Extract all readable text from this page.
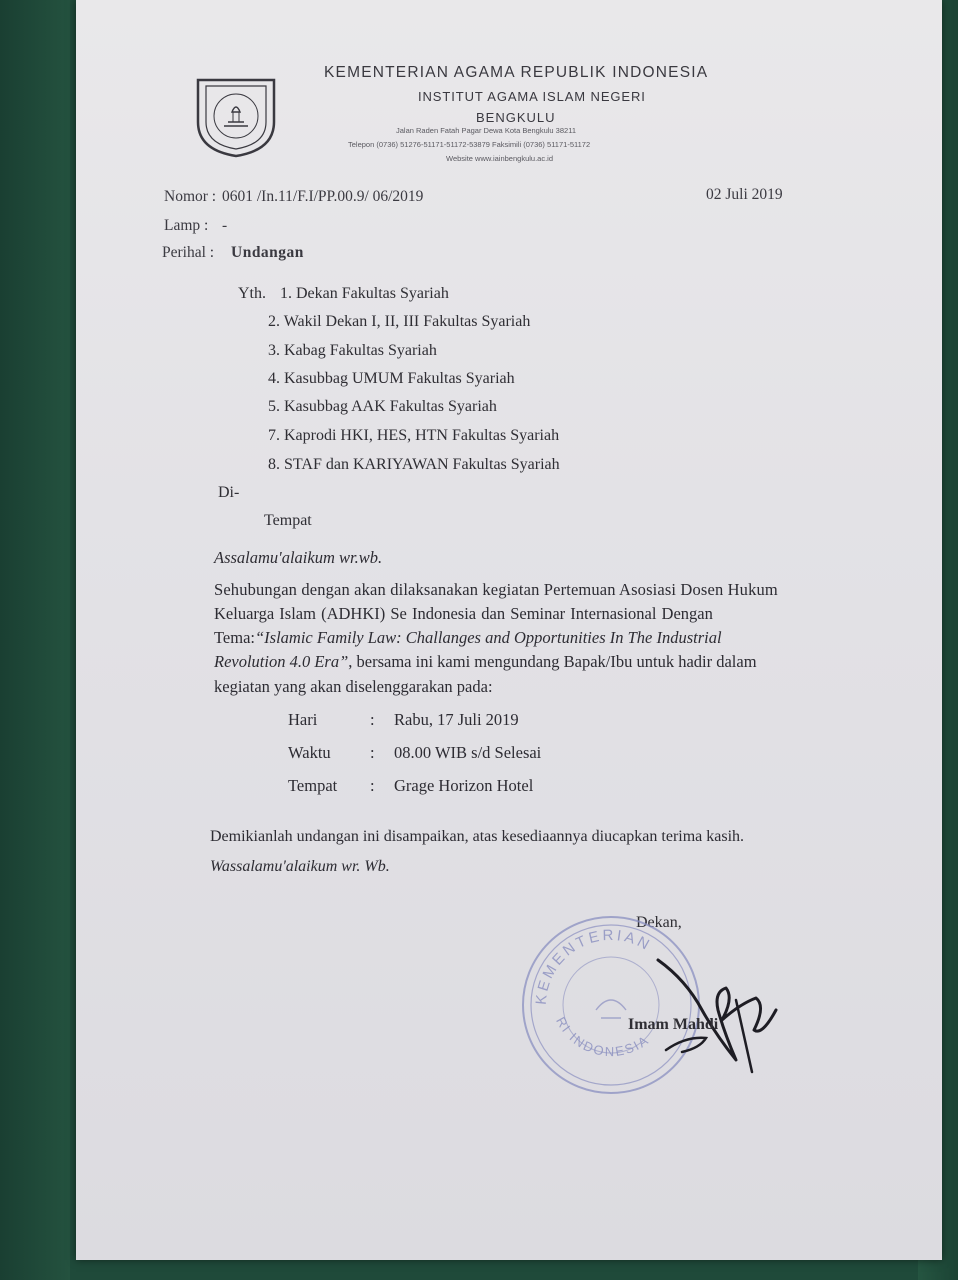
KEMENTERIAN AGAMA REPUBLIK INDONESIA
INSTITUT AGAMA ISLAM NEGERI
BENGKULU
Jalan Raden Fatah Pagar Dewa Kota Bengkulu 38211
Telepon (0736) 51276-51171-51172-53879 Faksimili (0736) 51171-51172
Website www.iainbengkulu.ac.id
Nomor : 0601 /In.11/F.I/PP.00.9/ 06/2019	02 Juli 2019
Lamp : -
Perihal : Undangan
Yth. 1. Dekan Fakultas Syariah
2. Wakil Dekan I, II, III Fakultas Syariah
3. Kabag Fakultas Syariah
4. Kasubbag UMUM Fakultas Syariah
5. Kasubbag AAK Fakultas Syariah
7. Kaprodi HKI, HES, HTN Fakultas Syariah
8. STAF dan KARIYAWAN Fakultas Syariah
Di-
Tempat
Assalamu'alaikum wr.wb.
Sehubungan dengan akan dilaksanakan kegiatan Pertemuan Asosiasi Dosen Hukum
Keluarga Islam (ADHKI) Se Indonesia dan Seminar Internasional Dengan
Tema:“Islamic Family Law: Challanges and Opportunities In The Industrial
Revolution 4.0 Era”, bersama ini kami mengundang Bapak/Ibu untuk hadir dalam
kegiatan yang akan diselenggarakan pada:
Hari	: Rabu, 17 Juli 2019
Waktu : 08.00 WIB s/d Selesai
Tempat : Grage Horizon Hotel
Demikianlah undangan ini disampaikan, atas kesediaannya diucapkan terima kasih.
Wassalamu'alaikum wr. Wb.
Dekan,
KEMENTERIAN
RI INDONESIA
Imam Mahdi
